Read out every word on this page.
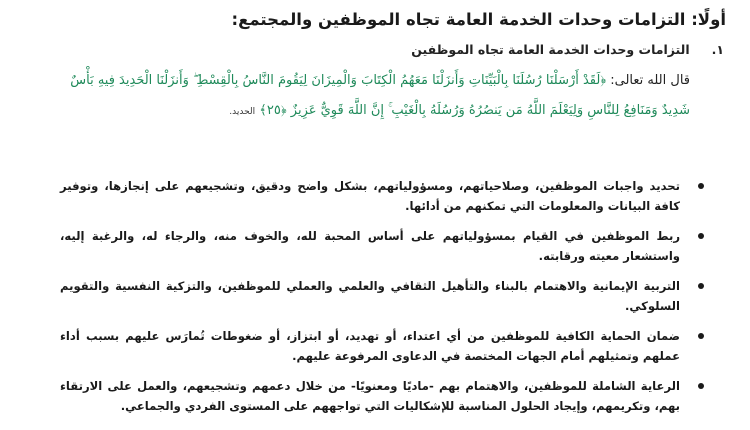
أولًا: التزامات وحدات الخدمة العامة تجاه الموظفين والمجتمع:
١. التزامات وحدات الخدمة العامة تجاه الموظفين
قال الله تعالى: ﴿لَقَدْ أَرْسَلْنَا رُسُلَنَا بِالْبَيِّنَاتِ وَأَنزَلْنَا مَعَهُمُ الْكِتَابَ وَالْمِيزَانَ لِيَقُومَ النَّاسُ بِالْقِسْطِ ۖ وَأَنزَلْنَا الْحَدِيدَ فِيهِ بَأْسٌ شَدِيدٌ وَمَنَافِعُ لِلنَّاسِ وَلِيَعْلَمَ اللَّهُ مَن يَنصُرُهُ وَرُسُلَهُ بِالْغَيْبِ ۚ إِنَّ اللَّهَ قَوِيٌّ عَزِيزٌ ﴿٢٥﴾ الحديد.
تحديد واجبات الموظفين، وصلاحياتهم، ومسؤولياتهم، بشكل واضح ودقيق، وتشجيعهم على إنجازها، وتوفير كافة البيانات والمعلومات التي تمكنهم من أدائها.
ربط الموظفين في القيام بمسؤولياتهم على أساس المحبة لله، والخوف منه، والرجاء له، والرغبة إليه، واستشعار معيته ورقابته.
التربية الإيمانية والاهتمام بالبناء والتأهيل الثقافي والعلمي والعملي للموظفين، والتزكية النفسية والتقويم السلوكي.
ضمان الحماية الكافية للموظفين من أي اعتداء، أو تهديد، أو ابتزاز، أو ضغوطات تُمارَس عليهم بسبب أداء عملهم وتمثيلهم أمام الجهات المختصة في الدعاوى المرفوعة عليهم.
الرعاية الشاملة للموظفين، والاهتمام بهم -ماديًا ومعنويًا- من خلال دعمهم وتشجيعهم، والعمل على الارتقاء بهم، وتكريمهم، وإيجاد الحلول المناسبة للإشكاليات التي تواجههم على المستوى الفردي والجماعي.
